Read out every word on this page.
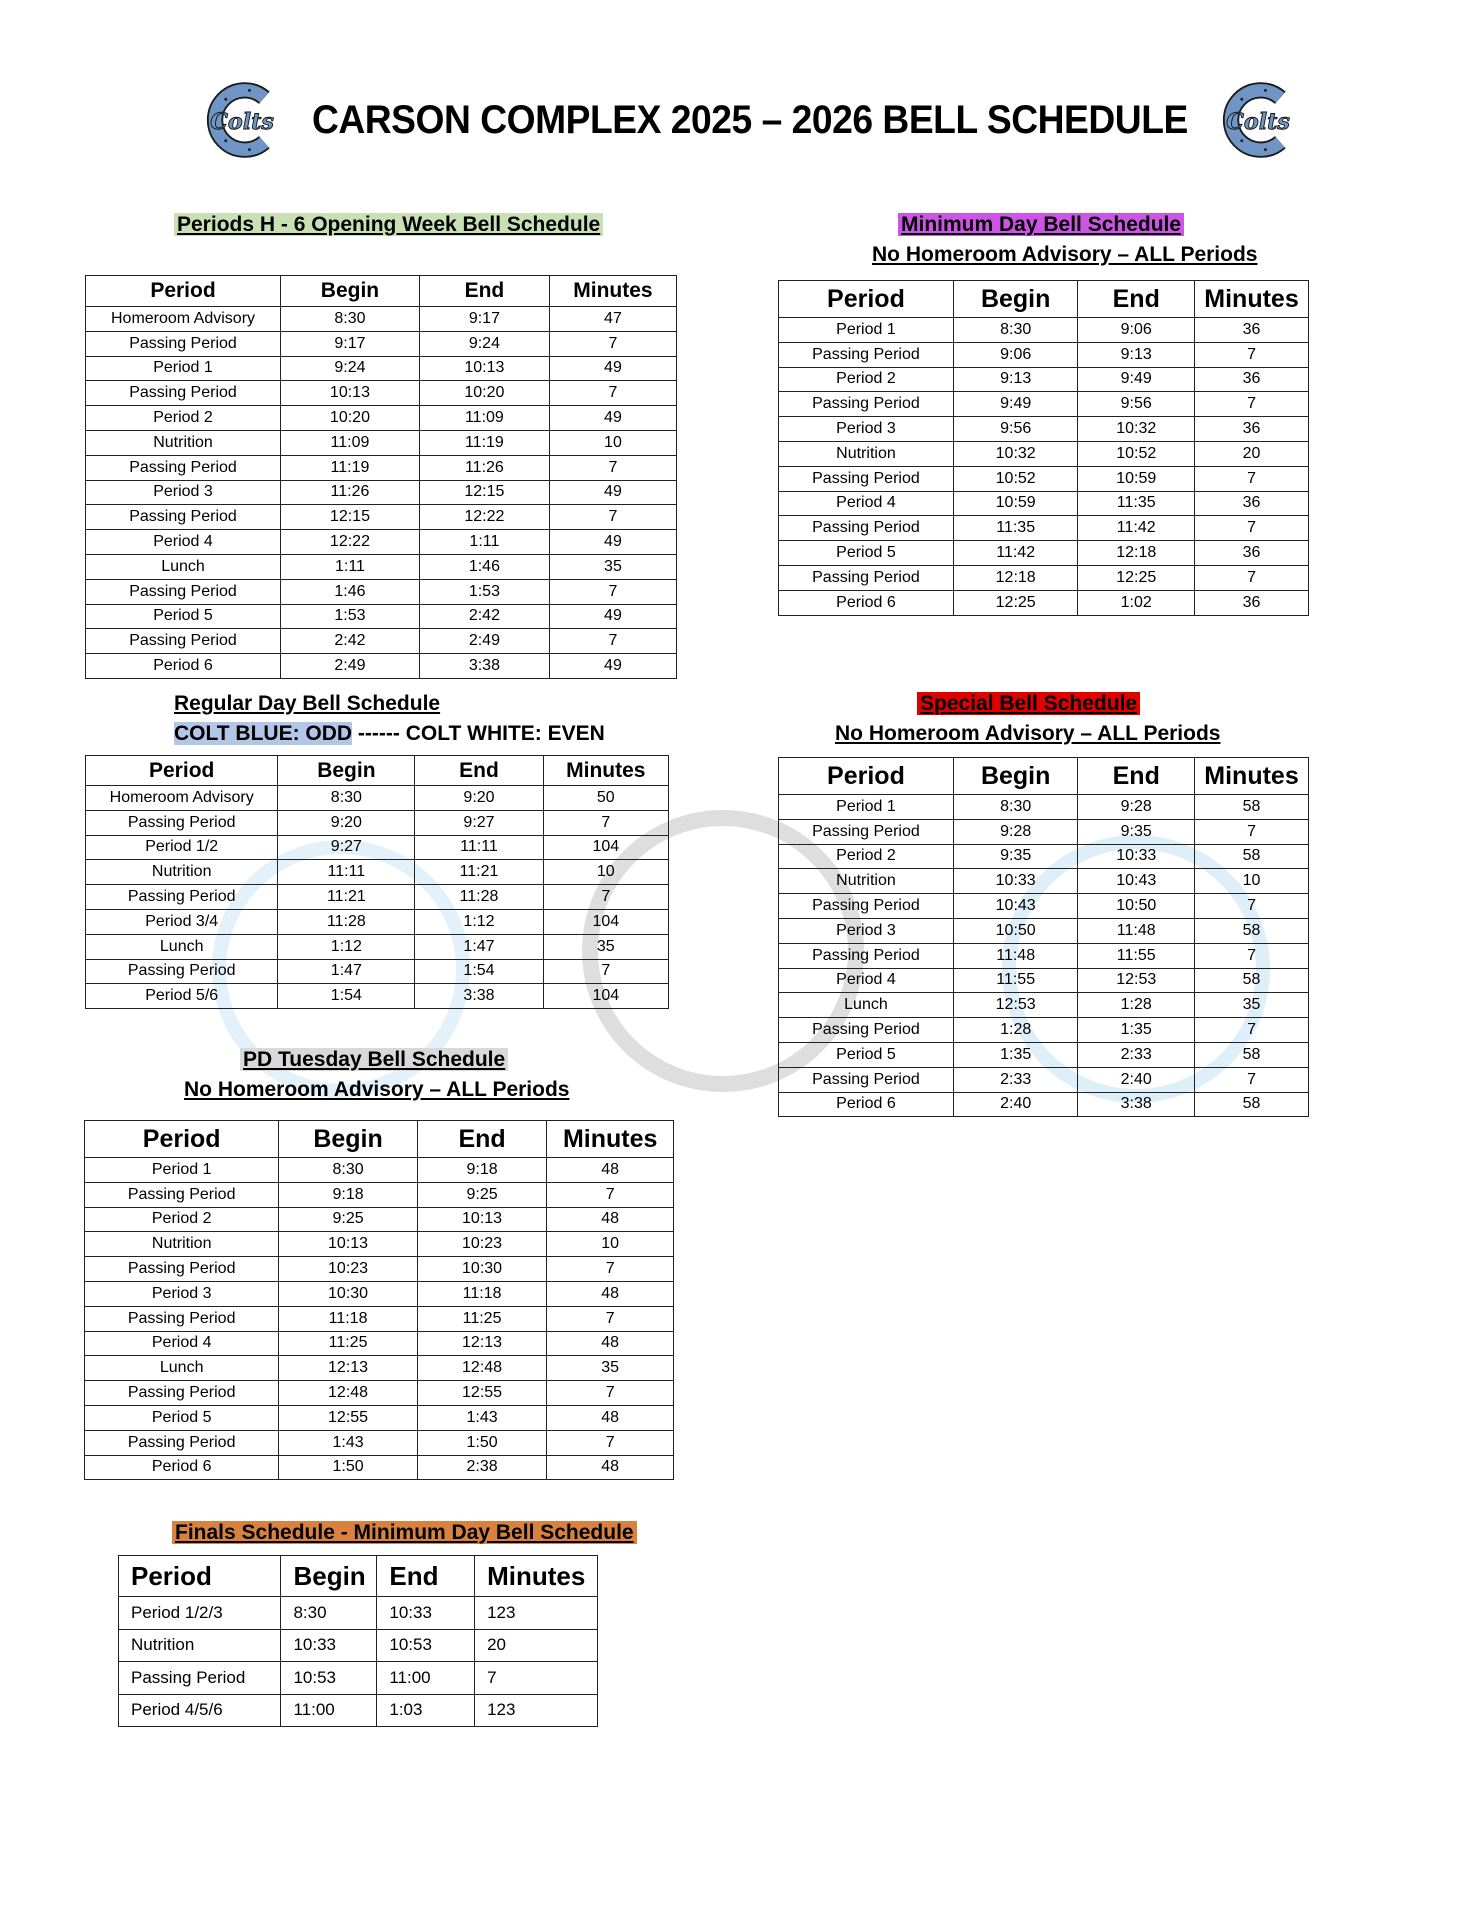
Colts CARSON COMPLEX 2025 – 2026 BELL SCHEDULE Colts
Periods H - 6 Opening Week Bell Schedule
Period	Begin	End	Minutes
Homeroom Advisory	8:30	9:17	47
Passing Period	9:17	9:24	7
Period 1	9:24	10:13	49
Passing Period	10:13	10:20	7
Period 2	10:20	11:09	49
Nutrition	11:09	11:19	10
Passing Period	11:19	11:26	7
Period 3	11:26	12:15	49
Passing Period	12:15	12:22	7
Period 4	12:22	1:11	49
Lunch	1:11	1:46	35
Passing Period	1:46	1:53	7
Period 5	1:53	2:42	49
Passing Period	2:42	2:49	7
Period 6	2:49	3:38	49
Minimum Day Bell Schedule
No Homeroom Advisory – ALL Periods
Period	Begin	End	Minutes
Period 1	8:30	9:06	36
Passing Period	9:06	9:13	7
Period 2	9:13	9:49	36
Passing Period	9:49	9:56	7
Period 3	9:56	10:32	36
Nutrition	10:32	10:52	20
Passing Period	10:52	10:59	7
Period 4	10:59	11:35	36
Passing Period	11:35	11:42	7
Period 5	11:42	12:18	36
Passing Period	12:18	12:25	7
Period 6	12:25	1:02	36
Regular Day Bell Schedule
COLT BLUE: ODD ------ COLT WHITE: EVEN
Period	Begin	End	Minutes
Homeroom Advisory	8:30	9:20	50
Passing Period	9:20	9:27	7
Period 1/2	9:27	11:11	104
Nutrition	11:11	11:21	10
Passing Period	11:21	11:28	7
Period 3/4	11:28	1:12	104
Lunch	1:12	1:47	35
Passing Period	1:47	1:54	7
Period 5/6	1:54	3:38	104
Special Bell Schedule
No Homeroom Advisory – ALL Periods
Period	Begin	End	Minutes
Period 1	8:30	9:28	58
Passing Period	9:28	9:35	7
Period 2	9:35	10:33	58
Nutrition	10:33	10:43	10
Passing Period	10:43	10:50	7
Period 3	10:50	11:48	58
Passing Period	11:48	11:55	7
Period 4	11:55	12:53	58
Lunch	12:53	1:28	35
Passing Period	1:28	1:35	7
Period 5	1:35	2:33	58
Passing Period	2:33	2:40	7
Period 6	2:40	3:38	58
PD Tuesday Bell Schedule
No Homeroom Advisory – ALL Periods
Period	Begin	End	Minutes
Period 1	8:30	9:18	48
Passing Period	9:18	9:25	7
Period 2	9:25	10:13	48
Nutrition	10:13	10:23	10
Passing Period	10:23	10:30	7
Period 3	10:30	11:18	48
Passing Period	11:18	11:25	7
Period 4	11:25	12:13	48
Lunch	12:13	12:48	35
Passing Period	12:48	12:55	7
Period 5	12:55	1:43	48
Passing Period	1:43	1:50	7
Period 6	1:50	2:38	48
Finals Schedule - Minimum Day Bell Schedule
Period	Begin	End	Minutes
Period 1/2/3	8:30	10:33	123
Nutrition	10:33	10:53	20
Passing Period	10:53	11:00	7
Period 4/5/6	11:00	1:03	123
